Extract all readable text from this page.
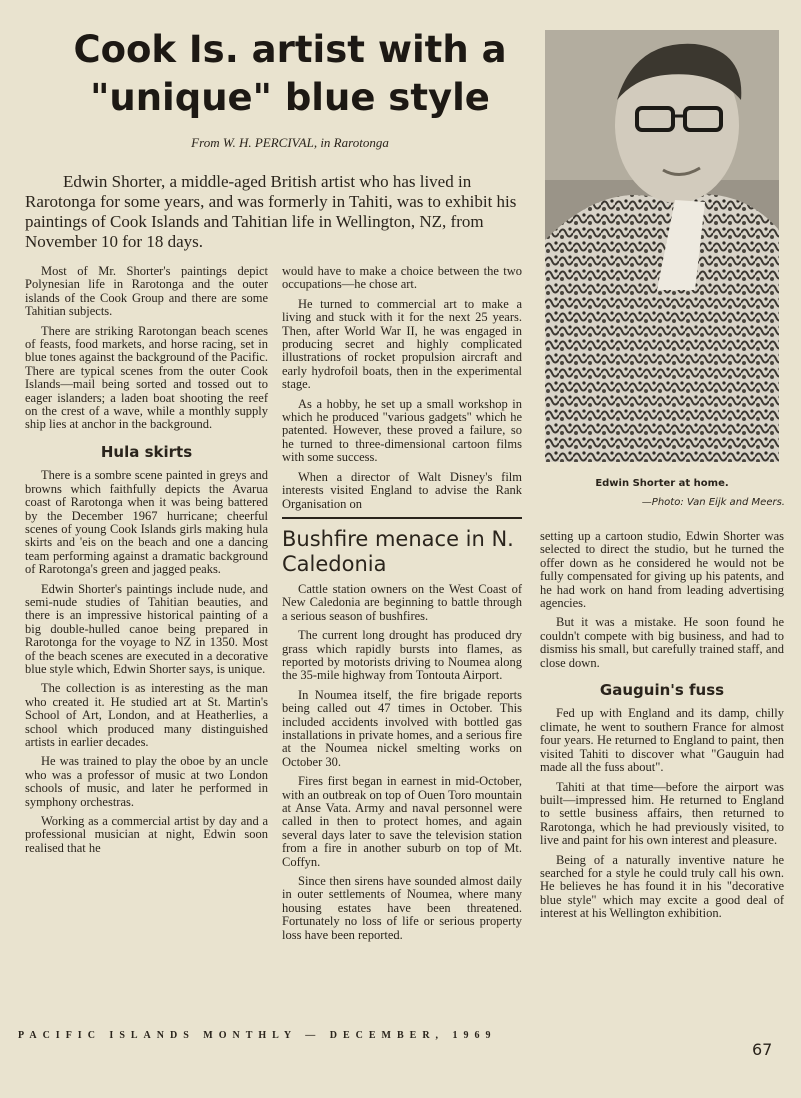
Cook Is. artist with a "unique" blue style
From W. H. PERCIVAL, in Rarotonga

Edwin Shorter, a middle-aged British artist who has lived in Rarotonga for some years, and was formerly in Tahiti, was to exhibit his paintings of Cook Islands and Tahitian life in Wellington, NZ, from November 10 for 18 days.

Edwin Shorter at home.
—Photo: Van Eijk and Meers.

Most of Mr. Shorter's paintings depict Polynesian life in Rarotonga and the outer islands of the Cook Group and there are some Tahitian subjects.

There are striking Rarotongan beach scenes of feasts, food markets, and horse racing, set in blue tones against the background of the Pacific. There are typical scenes from the outer Cook Islands—mail being sorted and tossed out to eager islanders; a laden boat shooting the reef on the crest of a wave, while a monthly supply ship lies at anchor in the background.

Hula skirts

There is a sombre scene painted in greys and browns which faithfully depicts the Avarua coast of Rarotonga when it was being battered by the December 1967 hurricane; cheerful scenes of young Cook Islands girls making hula skirts and 'eis on the beach and one a dancing team performing against a dramatic background of Rarotonga's green and jagged peaks.

Edwin Shorter's paintings include nude, and semi-nude studies of Tahitian beauties, and there is an impressive historical painting of a big double-hulled canoe being prepared in Rarotonga for the voyage to NZ in 1350. Most of the beach scenes are executed in a decorative blue style which, Edwin Shorter says, is unique.

The collection is as interesting as the man who created it. He studied art at St. Martin's School of Art, London, and at Heatherlies, a school which produced many distinguished artists in earlier decades.

He was trained to play the oboe by an uncle who was a professor of music at two London schools of music, and later he performed in symphony orchestras.

Working as a commercial artist by day and a professional musician at night, Edwin soon realised that he

would have to make a choice between the two occupations—he chose art.

He turned to commercial art to make a living and stuck with it for the next 25 years. Then, after World War II, he was engaged in producing secret and highly complicated illustrations of rocket propulsion aircraft and early hydrofoil boats, then in the experimental stage.

As a hobby, he set up a small workshop in which he produced "various gadgets" which he patented. However, these proved a failure, so he turned to three-dimensional cartoon films with some success.

When a director of Walt Disney's film interests visited England to advise the Rank Organisation on

Bushfire menace in N. Caledonia

Cattle station owners on the West Coast of New Caledonia are beginning to battle through a serious season of bushfires.

The current long drought has produced dry grass which rapidly bursts into flames, as reported by motorists driving to Noumea along the 35-mile highway from Tontouta Airport.

In Noumea itself, the fire brigade reports being called out 47 times in October. This included accidents involved with bottled gas installations in private homes, and a serious fire at the Noumea nickel smelting works on October 30.

Fires first began in earnest in mid-October, with an outbreak on top of Ouen Toro mountain at Anse Vata. Army and naval personnel were called in then to protect homes, and again several days later to save the television station from a fire in another suburb on top of Mt. Coffyn.

Since then sirens have sounded almost daily in outer settlements of Noumea, where many housing estates have been threatened. Fortunately no loss of life or serious property loss have been reported.

setting up a cartoon studio, Edwin Shorter was selected to direct the studio, but he turned the offer down as he considered he would not be fully compensated for giving up his patents, and he had work on hand from leading advertising agencies.

But it was a mistake. He soon found he couldn't compete with big business, and had to dismiss his small, but carefully trained staff, and close down.

Gauguin's fuss

Fed up with England and its damp, chilly climate, he went to southern France for almost four years. He returned to England to paint, then visited Tahiti to discover what "Gauguin had made all the fuss about".

Tahiti at that time—before the airport was built—impressed him. He returned to England to settle business affairs, then returned to Rarotonga, which he had previously visited, to live and paint for his own interest and pleasure.

Being of a naturally inventive nature he searched for a style he could truly call his own. He believes he has found it in his "decorative blue style" which may excite a good deal of interest at his Wellington exhibition.

PACIFIC ISLANDS MONTHLY — DECEMBER, 1969
67
